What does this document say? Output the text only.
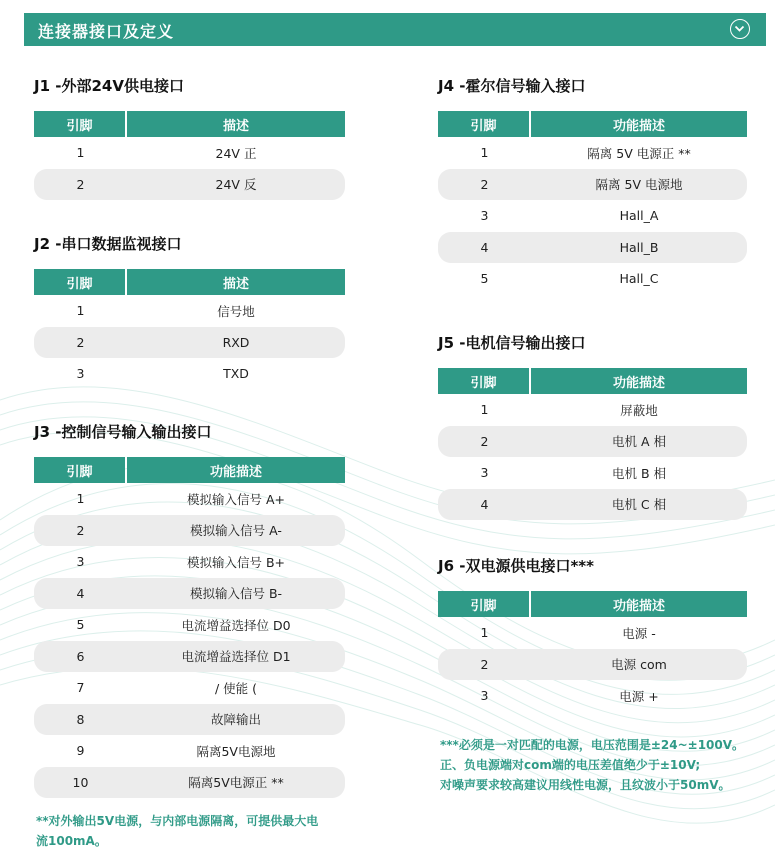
连接器接口及定义
J1 -外部24V供电接口
引脚	描述
1	24V 正
2	24V 反
J2 -串口数据监视接口
引脚	描述
1	信号地
2	RXD
3	TXD
J3 -控制信号输入输出接口
引脚	功能描述
1	模拟输入信号 A+
2	模拟输入信号 A-
3	模拟输入信号 B+
4	模拟输入信号 B-
5	电流增益选择位 D0
6	电流增益选择位 D1
7	/ 使能 (
8	故障输出
9	隔离5V电源地
10	隔离5V电源正 **
**对外输出5V电源，与内部电源隔离，可提供最大电
流100mA。
J4 -霍尔信号输入接口
引脚	功能描述
1	隔离 5V 电源正 **
2	隔离 5V 电源地
3	Hall_A
4	Hall_B
5	Hall_C
J5 -电机信号输出接口
引脚	功能描述
1	屏蔽地
2	电机 A 相
3	电机 B 相
4	电机 C 相
J6 -双电源供电接口***
引脚	功能描述
1	电源 -
2	电源 com
3	电源 +
***必须是一对匹配的电源，电压范围是±24~±100V。
正、负电源端对com端的电压差值绝少于±10V;
对噪声要求较高建议用线性电源，且纹波小于50mV。
